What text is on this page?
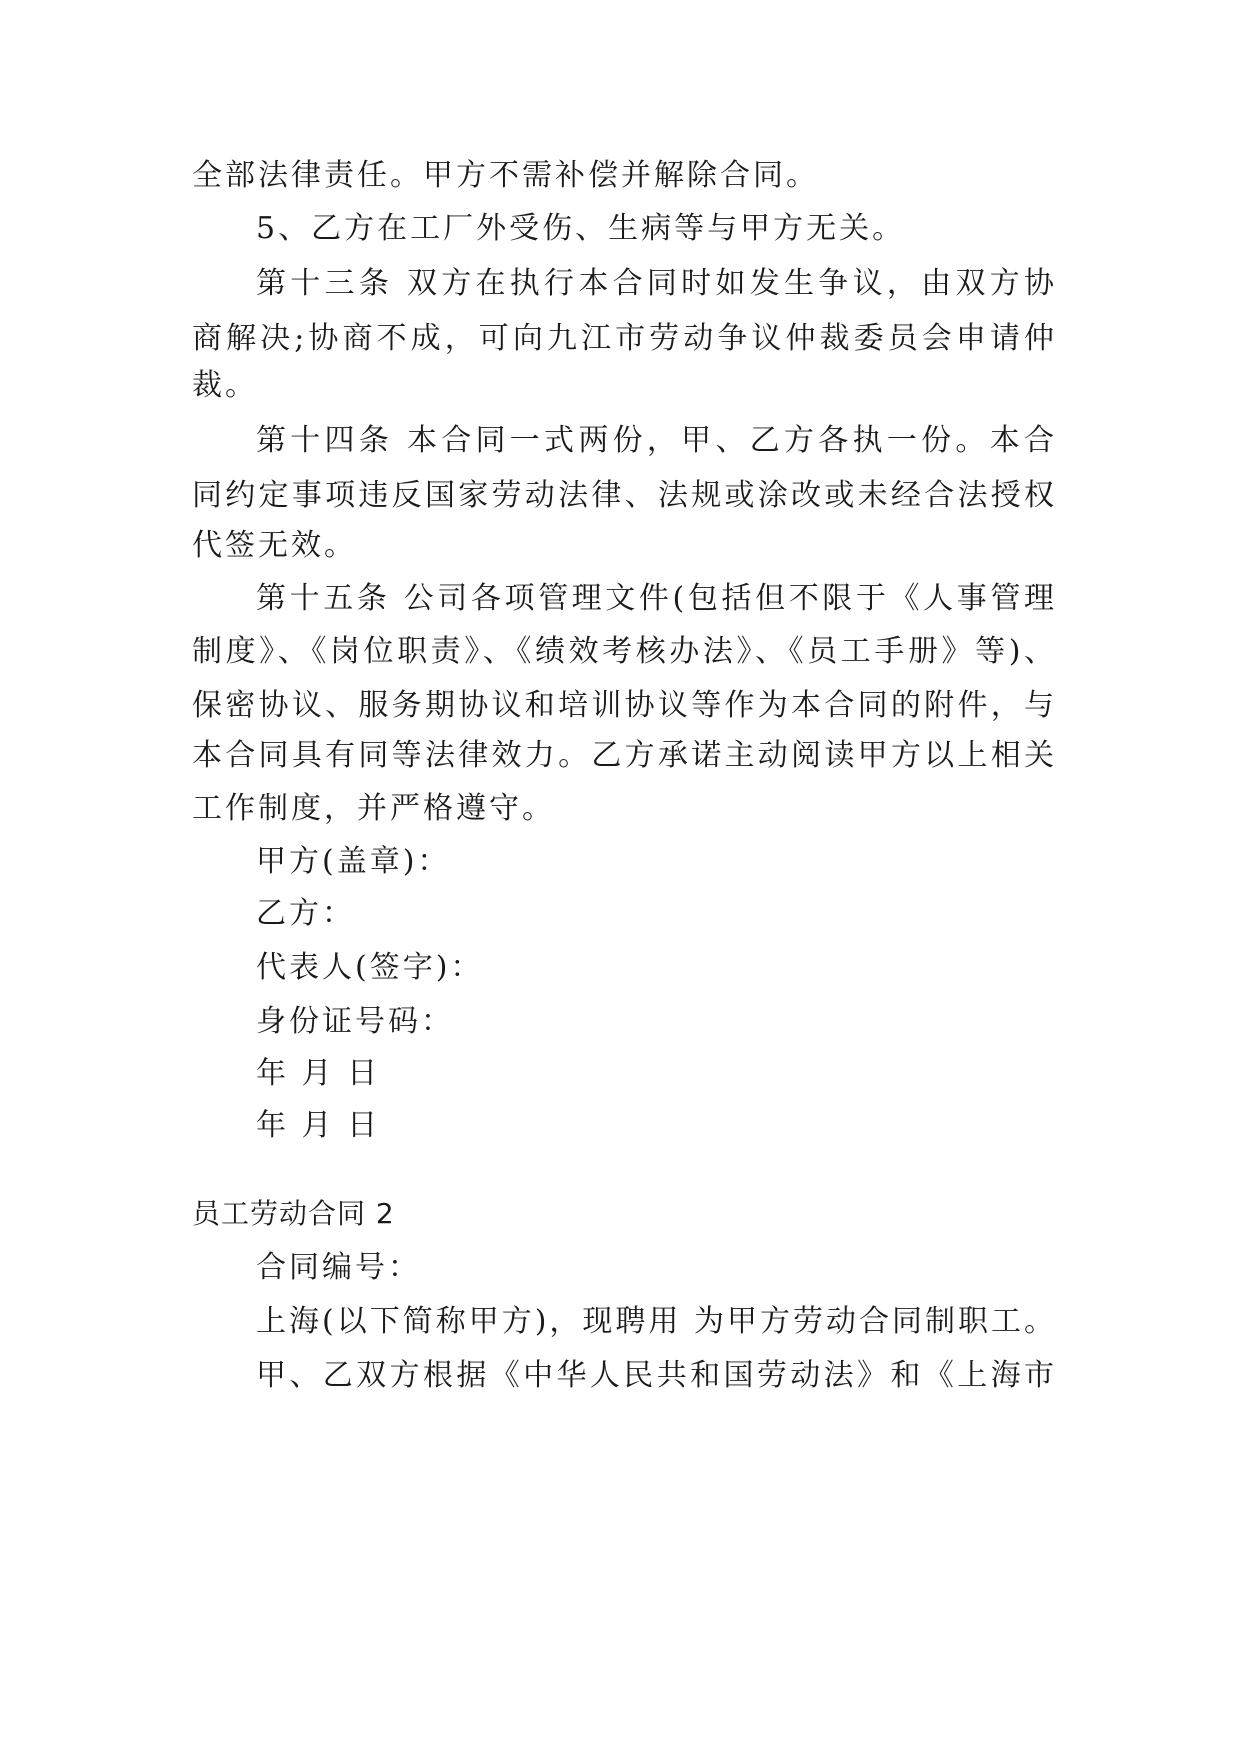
全部法律责任。甲方不需补偿并解除合同。
5、乙方在工厂外受伤、生病等与甲方无关。
第十三条 双方在执行本合同时如发生争议，由双方协
商解决;协商不成，可向九江市劳动争议仲裁委员会申请仲
裁。
第十四条 本合同一式两份，甲、乙方各执一份。本合
同约定事项违反国家劳动法律、法规或涂改或未经合法授权
代签无效。
第十五条 公司各项管理文件(包括但不限于《人事管理
制度》、《岗位职责》、《绩效考核办法》、《员工手册》等)、
保密协议、服务期协议和培训协议等作为本合同的附件，与
本合同具有同等法律效力。乙方承诺主动阅读甲方以上相关
工作制度，并严格遵守。
甲方(盖章)：
乙方：
代表人(签字)：
身份证号码：
年 月 日
年 月 日
员工劳动合同 2
合同编号：
上海(以下简称甲方)，现聘用 为甲方劳动合同制职工。
甲、乙双方根据《中华人民共和国劳动法》和《上海市
